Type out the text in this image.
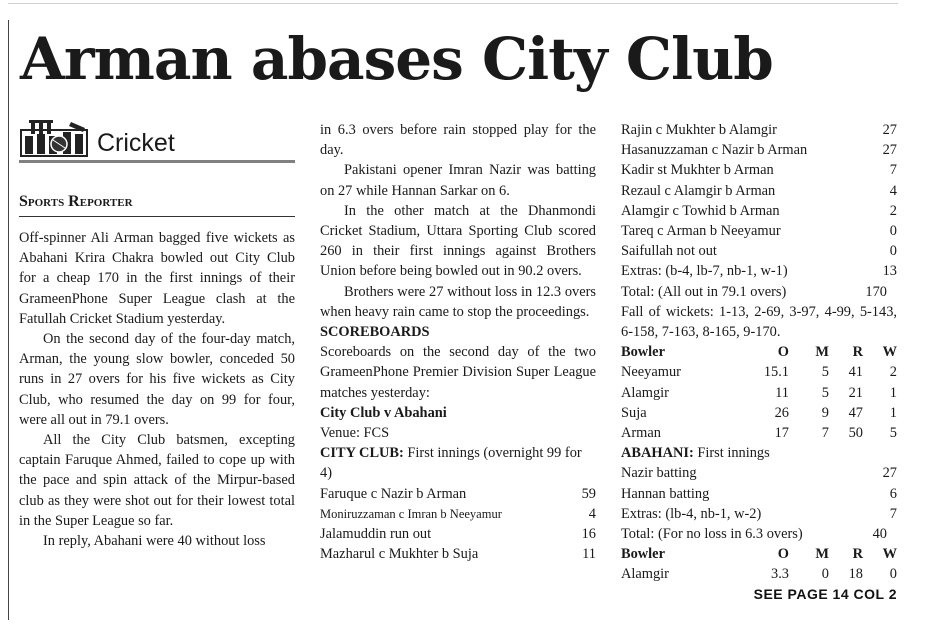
Arman abases City Club
Cricket
Sports Reporter

Off-spinner Ali Arman bagged five wickets as Abahani Krira Chakra bowled out City Club for a cheap 170 in the first innings of their GrameenPhone Super League clash at the Fatullah Cricket Stadium yesterday.

On the second day of the four-day match, Arman, the young slow bowler, conceded 50 runs in 27 overs for his five wickets as City Club, who resumed the day on 99 for four, were all out in 79.1 overs.

All the City Club batsmen, excepting captain Faruque Ahmed, failed to cope up with the pace and spin attack of the Mirpur-based club as they were shot out for their lowest total in the Super League so far.

In reply, Abahani were 40 without loss

in 6.3 overs before rain stopped play for the day.

Pakistani opener Imran Nazir was batting on 27 while Hannan Sarkar on 6.

In the other match at the Dhanmondi Cricket Stadium, Uttara Sporting Club scored 260 in their first innings against Brothers Union before being bowled out in 90.2 overs.

Brothers were 27 without loss in 12.3 overs when heavy rain came to stop the proceedings.

SCOREBOARDS

Scoreboards on the second day of the two GrameenPhone Premier Division Super League matches yesterday:

City Club v Abahani
Venue: FCS
CITY CLUB: First innings (overnight 99 for 4)
Faruque c Nazir b Arman	59
Moniruzzaman c Imran b Neeyamur	4
Jalamuddin run out	16
Mazharul c Mukhter b Suja	11
Rajin c Mukhter b Alamgir	27
Hasanuzzaman c Nazir b Arman	27
Kadir st Mukhter b Arman	7
Rezaul c Alamgir b Arman	4
Alamgir c Towhid b Arman	2
Tareq c Arman b Neeyamur	0
Saifullah not out	0
Extras: (b-4, lb-7, nb-1, w-1)	13
Total: (All out in 79.1 overs)	170

Fall of wickets: 1-13, 2-69, 3-97, 4-99, 5-143, 6-158, 7-163, 8-165, 9-170.

Bowler	O	M	R	W
Neeyamur	15.1	5	41	2
Alamgir	11	5	21	1
Suja	26	9	47	1
Arman	17	7	50	5
ABAHANI: First innings
Nazir batting	27
Hannan batting	6
Extras: (lb-4, nb-1, w-2)	7
Total: (For no loss in 6.3 overs)	40
Bowler	O	M	R	W
Alamgir	3.3	0	18	0
SEE PAGE 14 COL 2
